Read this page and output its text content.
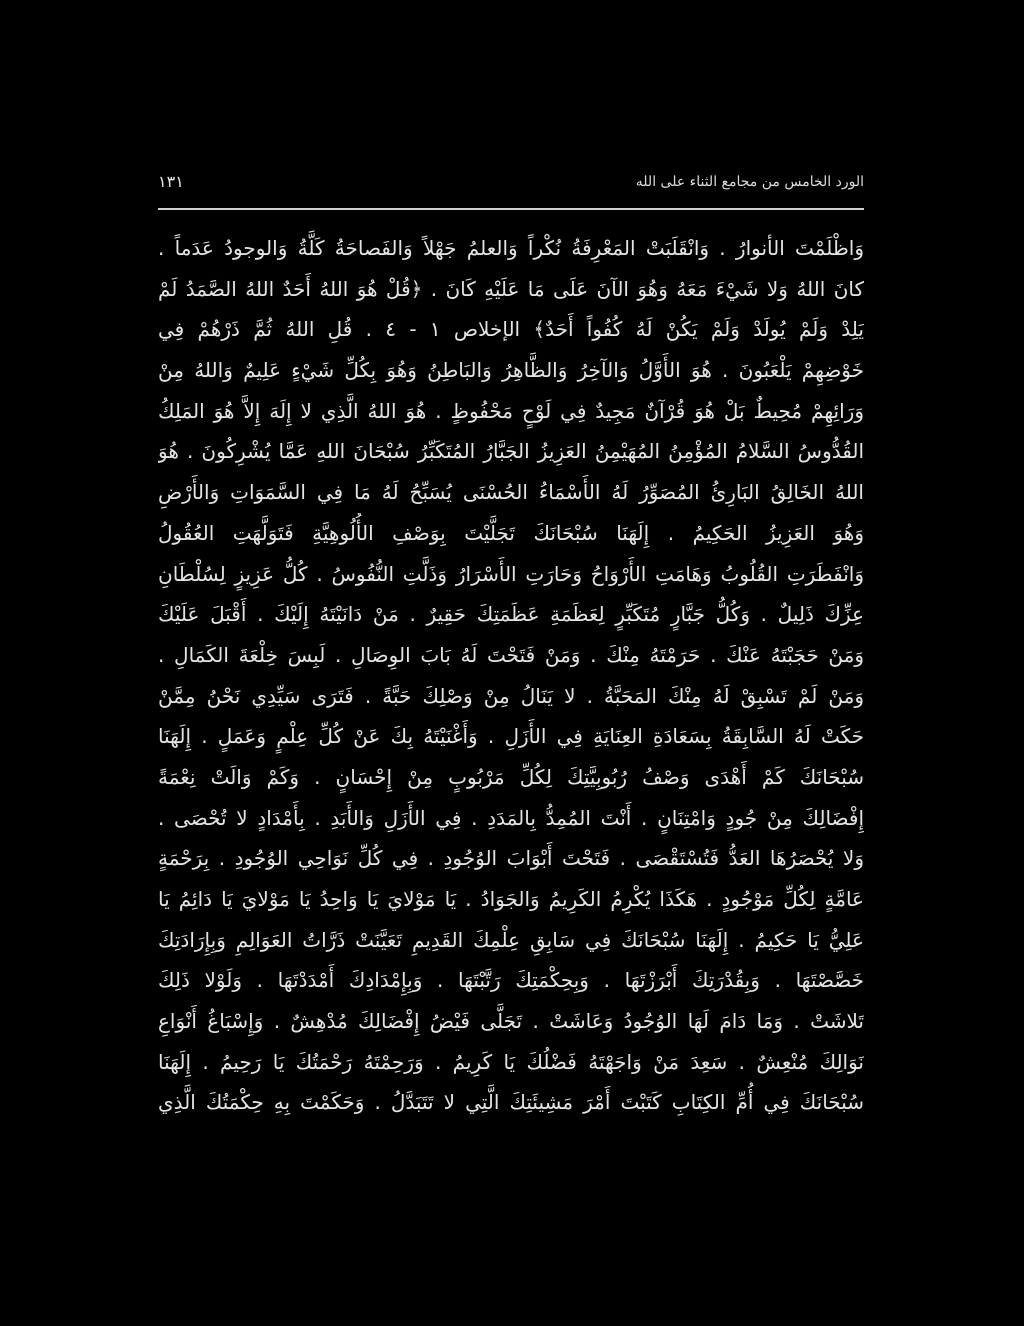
الورد الخامس من مجامع الثناء على الله
١٣١
وَاظْلَمْتَ الأنوارُ . وَانْقَلَبَتْ المَعْرِفَةُ نُكْراً وَالعلمُ جَهْلاً وَالفَصاحَةُ كَلَّةُ وَالوجودُ عَدَماً .
كانَ اللهُ وَلا شَيْءَ مَعَهُ وَهُوَ الآنَ عَلَى مَا عَلَيْهِ كَانَ . ﴿قُلْ هُوَ اللهُ أَحَدٌ اللهُ الصَّمَدُ لَمْ
يَلِدْ وَلَمْ يُولَدْ وَلَمْ يَكُنْ لَهُ كُفُواً أَحَدٌ﴾ الإخلاص ١ - ٤ . قُلِ اللهُ ثُمَّ ذَرْهُمْ فِي
خَوْضِهِمْ يَلْعَبُونَ . هُوَ الأَوَّلُ وَالآخِرُ وَالظَّاهِرُ وَالبَاطِنُ وَهُوَ بِكُلِّ شَيْءٍ عَلِيمٌ وَاللهُ مِنْ
وَرَائِهِمْ مُحِيطٌ بَلْ هُوَ قُرْآنٌ مَجِيدٌ فِي لَوْحٍ مَحْفُوظٍ . هُوَ اللهُ الَّذِي لا إِلَهَ إِلاَّ هُوَ المَلِكُ
القُدُّوسُ السَّلامُ المُؤْمِنُ المُهَيْمِنُ العَزِيزُ الجَبَّارُ المُتَكَبِّرُ سُبْحَانَ اللهِ عَمَّا يُشْرِكُونَ . هُوَ
اللهُ الخَالِقُ البَارِئُ المُصَوِّرُ لَهُ الأَسْمَاءُ الحُسْنَى يُسَبِّحُ لَهُ مَا فِي السَّمَوَاتِ وَالأَرْضِ
وَهُوَ العَزِيزُ الحَكِيمُ . إِلَهَنَا سُبْحَانَكَ تَجَلَّيْتَ بِوَصْفِ الأُلُوهِيَّةِ فَتَوَلَّهَتِ العُقُولُ
وَانْفَطَرَتِ القُلُوبُ وَهَامَتِ الأَرْوَاحُ وَحَارَتِ الأَسْرَارُ وَذَلَّتِ النُّفُوسُ . كُلُّ عَزِيزٍ لِسُلْطَانِ
عِزِّكَ ذَلِيلٌ . وَكُلُّ جَبَّارٍ مُتَكَبِّرٍ لِعَظَمَةِ عَظَمَتِكَ حَقِيرٌ . مَنْ دَانَيْتَهُ إِلَيْكَ . أَقْبَلَ عَلَيْكَ
وَمَنْ حَجَبْتَهُ عَنْكَ . حَرَمْتَهُ مِنْكَ . وَمَنْ فَتَحْتَ لَهُ بَابَ الوِصَالِ . لَبِسَ خِلْعَةَ الكَمَالِ .
وَمَنْ لَمْ تَسْبِقْ لَهُ مِنْكَ المَحَبَّةُ . لا يَنَالُ مِنْ وَصْلِكَ حَبَّةً . فَتَرَى سَيِّدِي نَحْنُ مِمَّنْ
حَكَتْ لَهُ السَّابِقَةُ بِسَعَادَةِ العِنَايَةِ فِي الأَزَلِ . وَأَغْنَيْتَهُ بِكَ عَنْ كُلِّ عِلْمٍ وَعَمَلٍ . إِلَهَنَا
سُبْحَانَكَ كَمْ أَهْدَى وَصْفُ رُبُوبِيَّتِكَ لِكُلِّ مَرْبُوبٍ مِنْ إِحْسَانٍ . وَكَمْ وَالَتْ نِعْمَةً
إِفْضَالِكَ مِنْ جُودٍ وَامْتِنَانٍ . أَنْتَ المُمِدُّ بِالمَدَدِ . فِي الأَزَلِ وَالأَبَدِ . بِأَمْدَادٍ لا تُحْصَى .
وَلا يُحْصَرُهَا العَدُّ فَتُسْتَقْصَى . فَتَحْتَ أَبْوَابَ الوُجُودِ . فِي كُلِّ نَوَاحِي الوُجُودِ . بِرَحْمَةٍ
عَامَّةٍ لِكُلِّ مَوْجُودٍ . هَكَذَا يُكْرِمُ الكَرِيمُ وَالجَوَادُ . يَا مَوْلايَ يَا وَاحِدُ يَا مَوْلايَ يَا دَائِمُ يَا
عَلِيُّ يَا حَكِيمُ . إِلَهَنَا سُبْحَانَكَ فِي سَابِقِ عِلْمِكَ القَدِيمِ تَعَيَّنَتْ ذَرَّاتُ العَوَالِمِ وَبِإِرَادَتِكَ
خَصَّصْتَهَا . وَبِقُدْرَتِكَ أَبْرَزْتَهَا . وَبِحِكْمَتِكَ رَتَّبْتَهَا . وَبِإِمْدَادِكَ أَمْدَدْتَهَا . وَلَوْلا ذَلِكَ
تَلاشَتْ . وَمَا دَامَ لَهَا الوُجُودُ وَعَاشَتْ . تَجَلَّى فَيْضُ إِفْضَالِكَ مُدْهِشٌ . وَإِسْبَاغُ أَنْوَاعِ
نَوَالِكَ مُنْعِشٌ . سَعِدَ مَنْ وَاجَهْتَهُ فَضْلُكَ يَا كَرِيمُ . وَرَحِمْتَهُ رَحْمَتُكَ يَا رَحِيمُ . إِلَهَنَا
سُبْحَانَكَ فِي أُمِّ الكِتَابِ كَتَبْتَ أَمْرَ مَشِيئَتِكَ الَّتِي لا تَتَبَدَّلُ . وَحَكَمْتَ بِهِ حِكْمَتُكَ الَّذِي
